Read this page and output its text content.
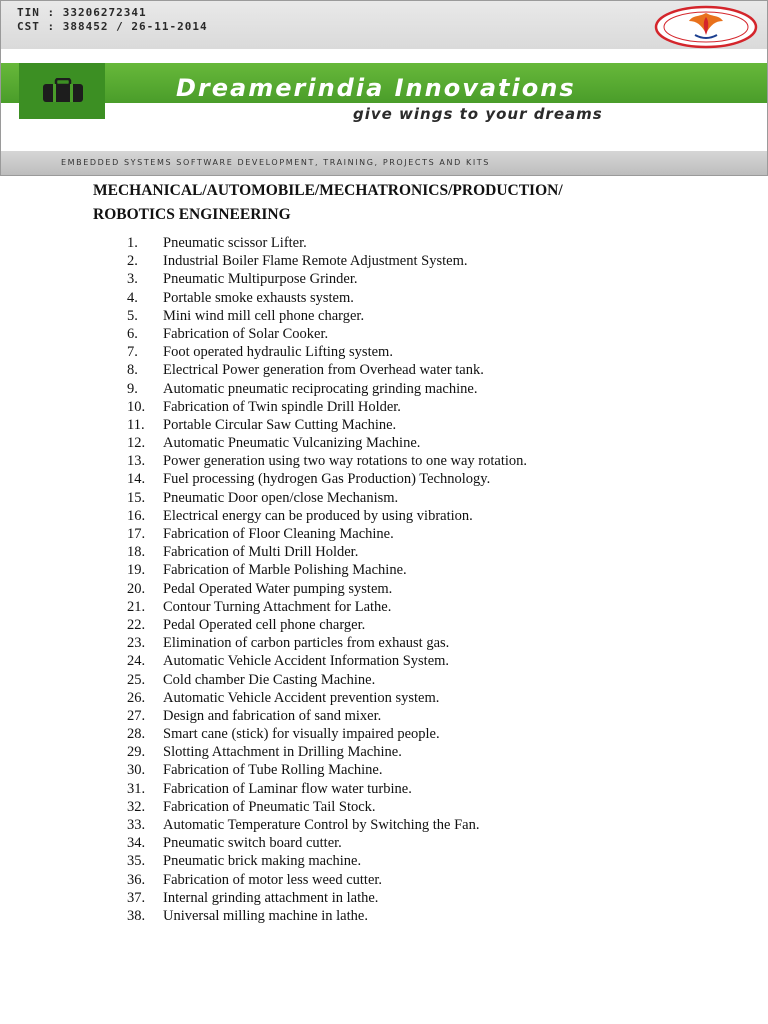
TIN : 33206272341
CST : 388452 / 26-11-2014
Dreamerindia Innovations
give wings to your dreams
EMBEDDED SYSTEMS SOFTWARE DEVELOPMENT, TRAINING, PROJECTS AND KITS
MECHANICAL/AUTOMOBILE/MECHATRONICS/PRODUCTION/
ROBOTICS ENGINEERING
1.	Pneumatic scissor Lifter.
2.	Industrial Boiler Flame Remote Adjustment System.
3.	Pneumatic Multipurpose Grinder.
4.	Portable smoke exhausts system.
5.	Mini wind mill cell phone charger.
6.	Fabrication of Solar Cooker.
7.	Foot operated hydraulic Lifting system.
8.	Electrical Power generation from Overhead water tank.
9.	Automatic pneumatic reciprocating grinding machine.
10.	Fabrication of Twin spindle Drill Holder.
11.	Portable Circular Saw Cutting Machine.
12.	Automatic Pneumatic Vulcanizing Machine.
13.	Power generation using two way rotations to one way rotation.
14.	Fuel processing (hydrogen Gas Production) Technology.
15.	Pneumatic Door open/close Mechanism.
16.	Electrical energy can be produced by using vibration.
17.	Fabrication of Floor Cleaning Machine.
18.	Fabrication of Multi Drill Holder.
19.	Fabrication of Marble Polishing Machine.
20.	Pedal Operated Water pumping system.
21.	Contour Turning Attachment for Lathe.
22.	Pedal Operated cell phone charger.
23.	Elimination of carbon particles from exhaust gas.
24.	Automatic Vehicle Accident Information System.
25.	Cold chamber Die Casting Machine.
26.	Automatic Vehicle Accident prevention system.
27.	Design and fabrication of sand mixer.
28.	Smart cane (stick) for visually impaired people.
29.	Slotting Attachment in Drilling Machine.
30.	Fabrication of Tube Rolling Machine.
31.	Fabrication of Laminar flow water turbine.
32.	Fabrication of Pneumatic Tail Stock.
33.	Automatic Temperature Control by Switching the Fan.
34.	Pneumatic switch board cutter.
35.	Pneumatic brick making machine.
36.	Fabrication of motor less weed cutter.
37.	Internal grinding attachment in lathe.
38.	Universal milling machine in lathe.
